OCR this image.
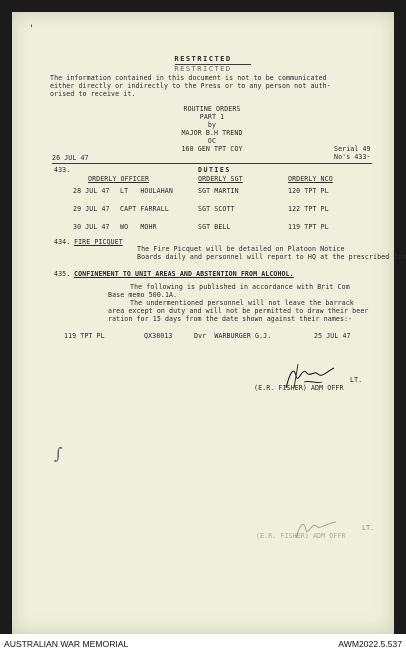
'
RESTRICTED
RESTRICTED
The information contained in this document is not to be communicated
either directly or indirectly to the Press or to any person not auth-
orised to receive it.
ROUTINE ORDERS
PART 1
by
MAJOR B.H TREND
OC
168 GEN TPT COY
26 JUL 47
Serial 49
No's 433-
433.	DUTIES
ORDERLY OFFICER	ORDERLY SGT	ORDERLY NCO
28 JUL 47 LT   HOULAHAN	SGT MARTIN	120 TPT PL
29 JUL 47 CAPT FARRALL	SGT SCOTT	122 TPT PL
30 JUL 47 WO   MOHR	SGT BELL	119 TPT PL
434. FIRE PICQUET
The Fire Picquet will be detailed on Platoon Notice
Boards daily and personnel will report to HQ at the prescribed tim
435. CONFINEMENT TO UNIT AREAS AND ABSTENTION FROM ALCOHOL.
The following is published in accordance with Brit Com
Base memo 500.1A.
The undermentioned personnel will not leave the barrack
area except on duty and will not be permitted to draw their beer
ration for 15 days from the date shown against their names:-
119 TPT PL	QX38013	Dvr  WARBURGER G.J.	25 JUL 47
LT.
(E.R. FISHER) ADM OFFR
∫
LT.
(E.R. FISHER) ADM OFFR
AUSTRALIAN WAR MEMORIAL	AWM2022.5.537
